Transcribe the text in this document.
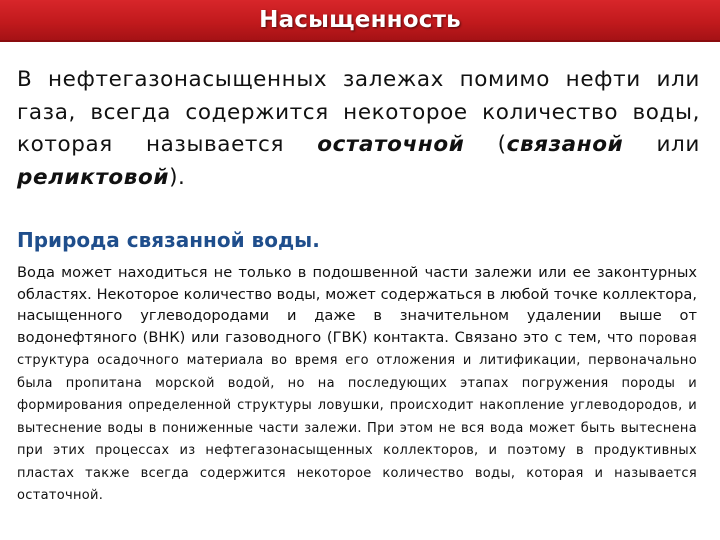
Насыщенность
В нефтегазонасыщенных залежах помимо нефти или газа, всегда содержится некоторое количество воды, которая называется остаточной (связаной или реликтовой).
Природа связанной воды.
Вода может находиться не только в подошвенной части залежи или ее законтурных областях. Некоторое количество воды, может содержаться в любой точке коллектора, насыщенного углеводородами и даже в значительном удалении выше от водонефтяного (ВНК) или газоводного (ГВК) контакта. Связано это с тем, что поровая структура осадочного материала во время его отложения и литификации, первоначально была пропитана морской водой, но на последующих этапах погружения породы и формирования определенной структуры ловушки, происходит накопление углеводородов, и вытеснение воды в пониженные части залежи. При этом не вся вода может быть вытеснена при этих процессах из нефтегазонасыщенных коллекторов, и поэтому в продуктивных пластах также всегда содержится некоторое количество воды, которая и называется остаточной.
